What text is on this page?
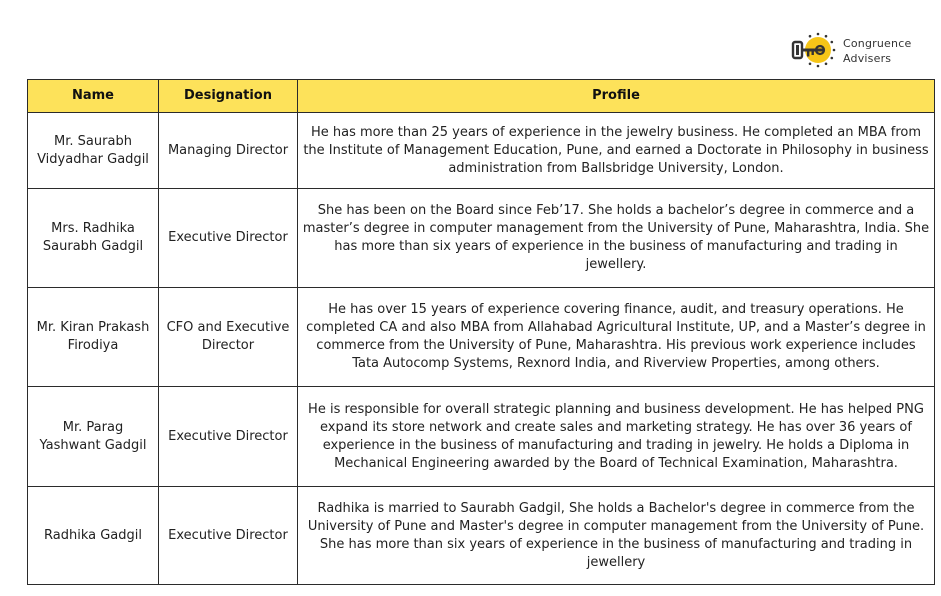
Congruence
Advisers
Name	Designation	Profile
Mr. Saurabh Vidyadhar Gadgil	Managing Director	He has more than 25 years of experience in the jewelry business. He completed an MBA from the Institute of Management Education, Pune, and earned a Doctorate in Philosophy in business administration from Ballsbridge University, London.
Mrs. Radhika Saurabh Gadgil	Executive Director	She has been on the Board since Feb’17. She holds a bachelor’s degree in commerce and a master’s degree in computer management from the University of Pune, Maharashtra, India. She has more than six years of experience in the business of manufacturing and trading in jewellery.
Mr. Kiran Prakash Firodiya	CFO and Executive Director	He has over 15 years of experience covering finance, audit, and treasury operations. He completed CA and also MBA from Allahabad Agricultural Institute, UP, and a Master’s degree in commerce from the University of Pune, Maharashtra. His previous work experience includes Tata Autocomp Systems, Rexnord India, and Riverview Properties, among others.
Mr. Parag Yashwant Gadgil	Executive Director	He is responsible for overall strategic planning and business development. He has helped PNG expand its store network and create sales and marketing strategy. He has over 36 years of experience in the business of manufacturing and trading in jewelry. He holds a Diploma in Mechanical Engineering awarded by the Board of Technical Examination, Maharashtra.
Radhika Gadgil	Executive Director	Radhika is married to Saurabh Gadgil, She holds a Bachelor's degree in commerce from the University of Pune and Master's degree in computer management from the University of Pune. She has more than six years of experience in the business of manufacturing and trading in jewellery
